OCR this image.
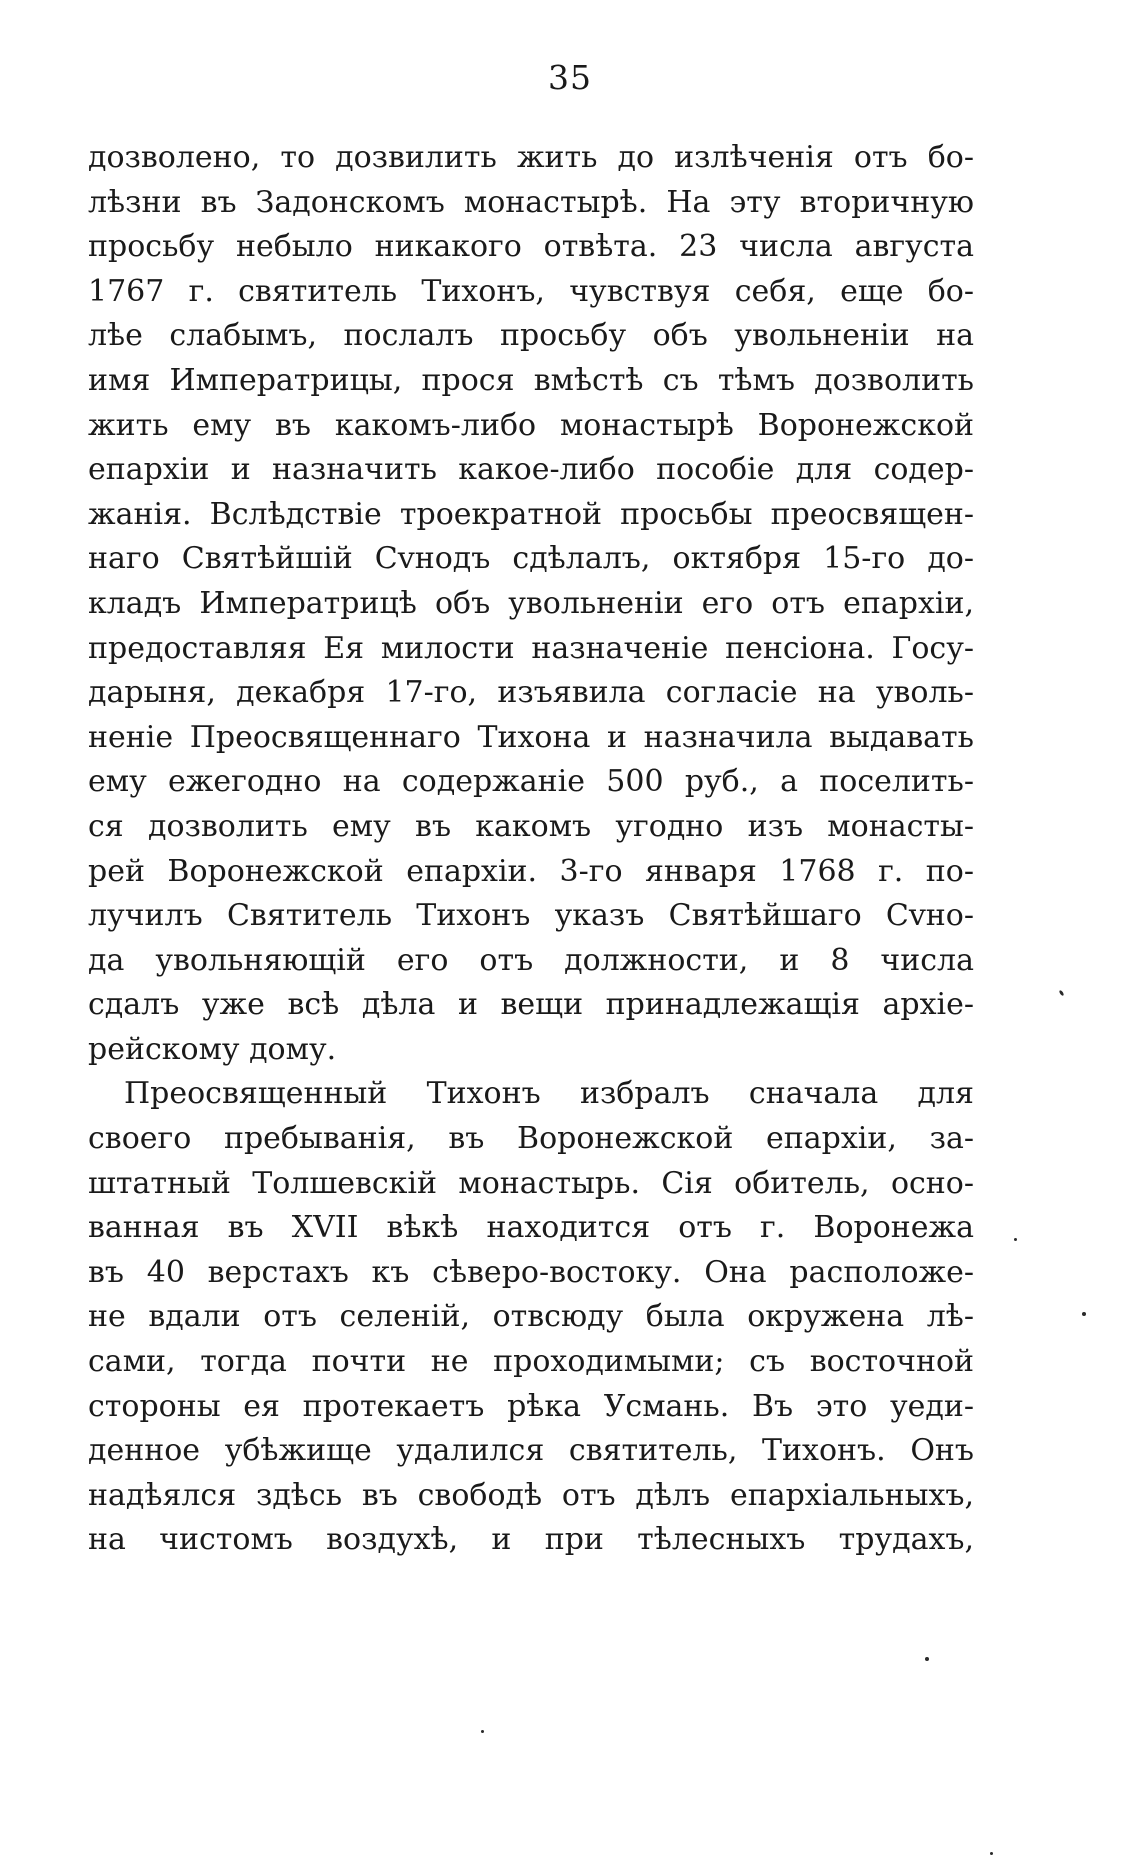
35
дозволено, то дозвилить жить до излѣченія отъ бо-
лѣзни въ Задонскомъ монастырѣ. На эту вторичную
просьбу небыло никакого отвѣта. 23 числа августа
1767 г. святитель Тихонъ, чувствуя себя, еще бо-
лѣе слабымъ, послалъ просьбу объ увольненіи на
имя Императрицы, прося вмѣстѣ съ тѣмъ дозволить
жить ему въ какомъ-либо монастырѣ Воронежской
епархіи и назначить какое-либо пособіе для содер-
жанія. Вслѣдствіе троекратной просьбы преосвящен-
наго Святѣйшій Сvнодъ сдѣлалъ, октября 15-го до-
кладъ Императрицѣ объ увольненіи его отъ епархіи,
предоставляя Ея милости назначеніе пенсіона. Госу-
дарыня, декабря 17-го, изъявила согласіе на уволь-
неніе Преосвященнаго Тихона и назначила выдавать
ему ежегодно на содержаніе 500 руб., а поселить-
ся дозволить ему въ какомъ угодно изъ монасты-
рей Воронежской епархіи. 3-го января 1768 г. по-
лучилъ Святитель Тихонъ указъ Святѣйшаго Сvно-
да увольняющій его отъ должности, и 8 числа
сдалъ уже всѣ дѣла и вещи принадлежащія архіе-
рейскому дому.
Преосвященный Тихонъ избралъ сначала для
своего пребыванія, въ Воронежской епархіи, за-
штатный Толшевскій монастырь. Сія обитель, осно-
ванная въ XVII вѣкѣ находится отъ г. Воронежа
въ 40 верстахъ къ сѣверо-востоку. Она расположе-
не вдали отъ селеній, отвсюду была окружена лѣ-
сами, тогда почти не проходимыми; съ восточной
стороны ея протекаетъ рѣка Усмань. Въ это уеди-
денное убѣжище удалился святитель, Тихонъ. Онъ
надѣялся здѣсь въ свободѣ отъ дѣлъ епархіальныхъ,
на чистомъ воздухѣ, и при тѣлесныхъ трудахъ,
